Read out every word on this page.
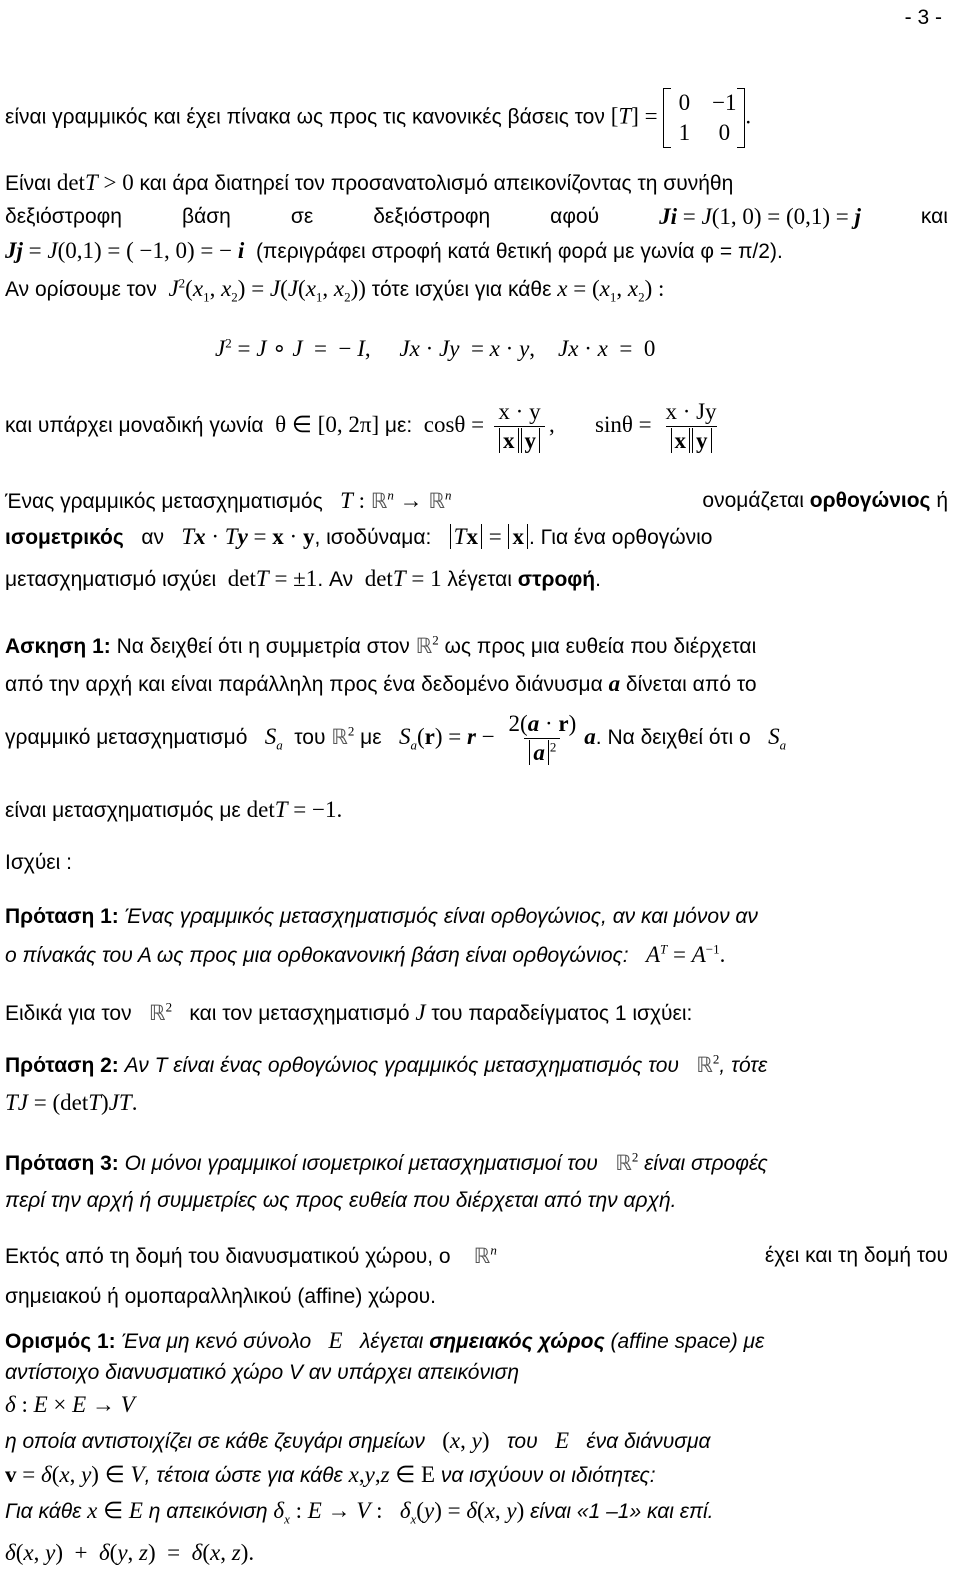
- 3 -
είναι γραμμικός και έχει πίνακα ως προς τις κανονικές βάσεις τον [T] =
0 −1
1	0
.
Είναι detT > 0 και άρα διατηρεί τον προσανατολισμό απεικονίζοντας τη συνήθη
δεξιόστροφη	βάση	σε	δεξιόστροφη	αφού	Ji = J(1, 0) = (0,1) = j	και
Jj = J(0,1) = ( −1, 0) = − i (περιγράφει στροφή κατά θετική φορά με γωνία φ = π/2).
Αν ορίσουμε τον $J^2(x_1$, $x_2) = J(J(x_1$, $x_2$)) τότε ισχύει για κάθε $x = (x_1$, $x_2$) :
$J^2 = J$ ∘ J  =  − I,     Jx · Jy  = x · y,    Jx · x  =  0
και υπάρχει μοναδική γωνία  θ ∈ [0, 2π] με:  $\cos\theta = \frac{x \cdot y}{\text{x y}}$ ,       $\sin\theta = \frac{x \cdot Jy}{\text{x y}}$
Ένας γραμμικός μετασχηματισμός T : ℝ$^n$ → ℝ$^n$	ονομάζεται ορθογώνιος ή
ισομετρικός αν Tx · Ty = x · y, ισοδύναμα: Tx = x . Για ένα ορθογώνιο
μετασχηματισμό ισχύει  detT = ±1. Αν  detT = 1 λέγεται στροφή.
Ασκηση 1: Να δειχθεί ότι η συμμετρία στον ℝ$^2$ ως προς μια ευθεία που διέρχεται
από την αρχή και είναι παράλληλη προς ένα δεδομένο διάνυσμα a δίνεται από το
γραμμικό μετασχηματισμό $S_a$ του ℝ$^2$ με $S_a(r) = r - \frac{2(a \cdot r)}{a ^2} a$. Να δειχθεί ότι ο $S_a$
είναι μετασχηματισμός με detT = −1.
Ισχύει :
Πρόταση 1: Ένας γραμμικός μετασχηματισμός είναι ορθογώνιος, αν και μόνον αν
ο πίνακάς του Α ως προς μια ορθοκανονική βάση είναι ορθογώνιος: $A^T = A^{-1}$.
Ειδικά για τον ℝ$^2$ και τον μετασχηματισμό J του παραδείγματος 1 ισχύει:
Πρόταση 2: Αν Τ είναι ένας ορθογώνιος γραμμικός μετασχηματισμός του ℝ$^2$, τότε
TJ = (detT)JT.
Πρόταση 3: Οι μόνοι γραμμικοί ισομετρικοί μετασχηματισμοί του ℝ$^2$ είναι στροφές
περί την αρχή ή συμμετρίες ως προς ευθεία που διέρχεται από την αρχή.
Εκτός από τη δομή του διανυσματικού χώρου, ο ℝ$^n$	έχει και τη δομή του
σημειακού ή ομοπαραλληλικού (affine) χώρου.
Ορισμός 1: Ένα μη κενό σύνολο   E   λέγεται σημειακός χώρος (affine space) με
αντίστοιχο διανυσματικό χώρο V αν υπάρχει απεικόνιση
δ : E × E → V
η οποία αντιστοιχίζει σε κάθε ζευγάρι σημείων   (x, y)   του   E   ένα διάνυσμα
v = δ(x, y) ∈ V, τέτοια ώστε για κάθε x,y,z ∈ Ε να ισχύουν οι ιδιότητες:
Για κάθε x ∈ E η απεικόνιση $\delta_x$ : E → V :   $\delta_x(y) = \delta(x$, y) είναι «1 –1» και επί.
δ(x, y)  +  δ(y, z)  =  δ(x, z).
